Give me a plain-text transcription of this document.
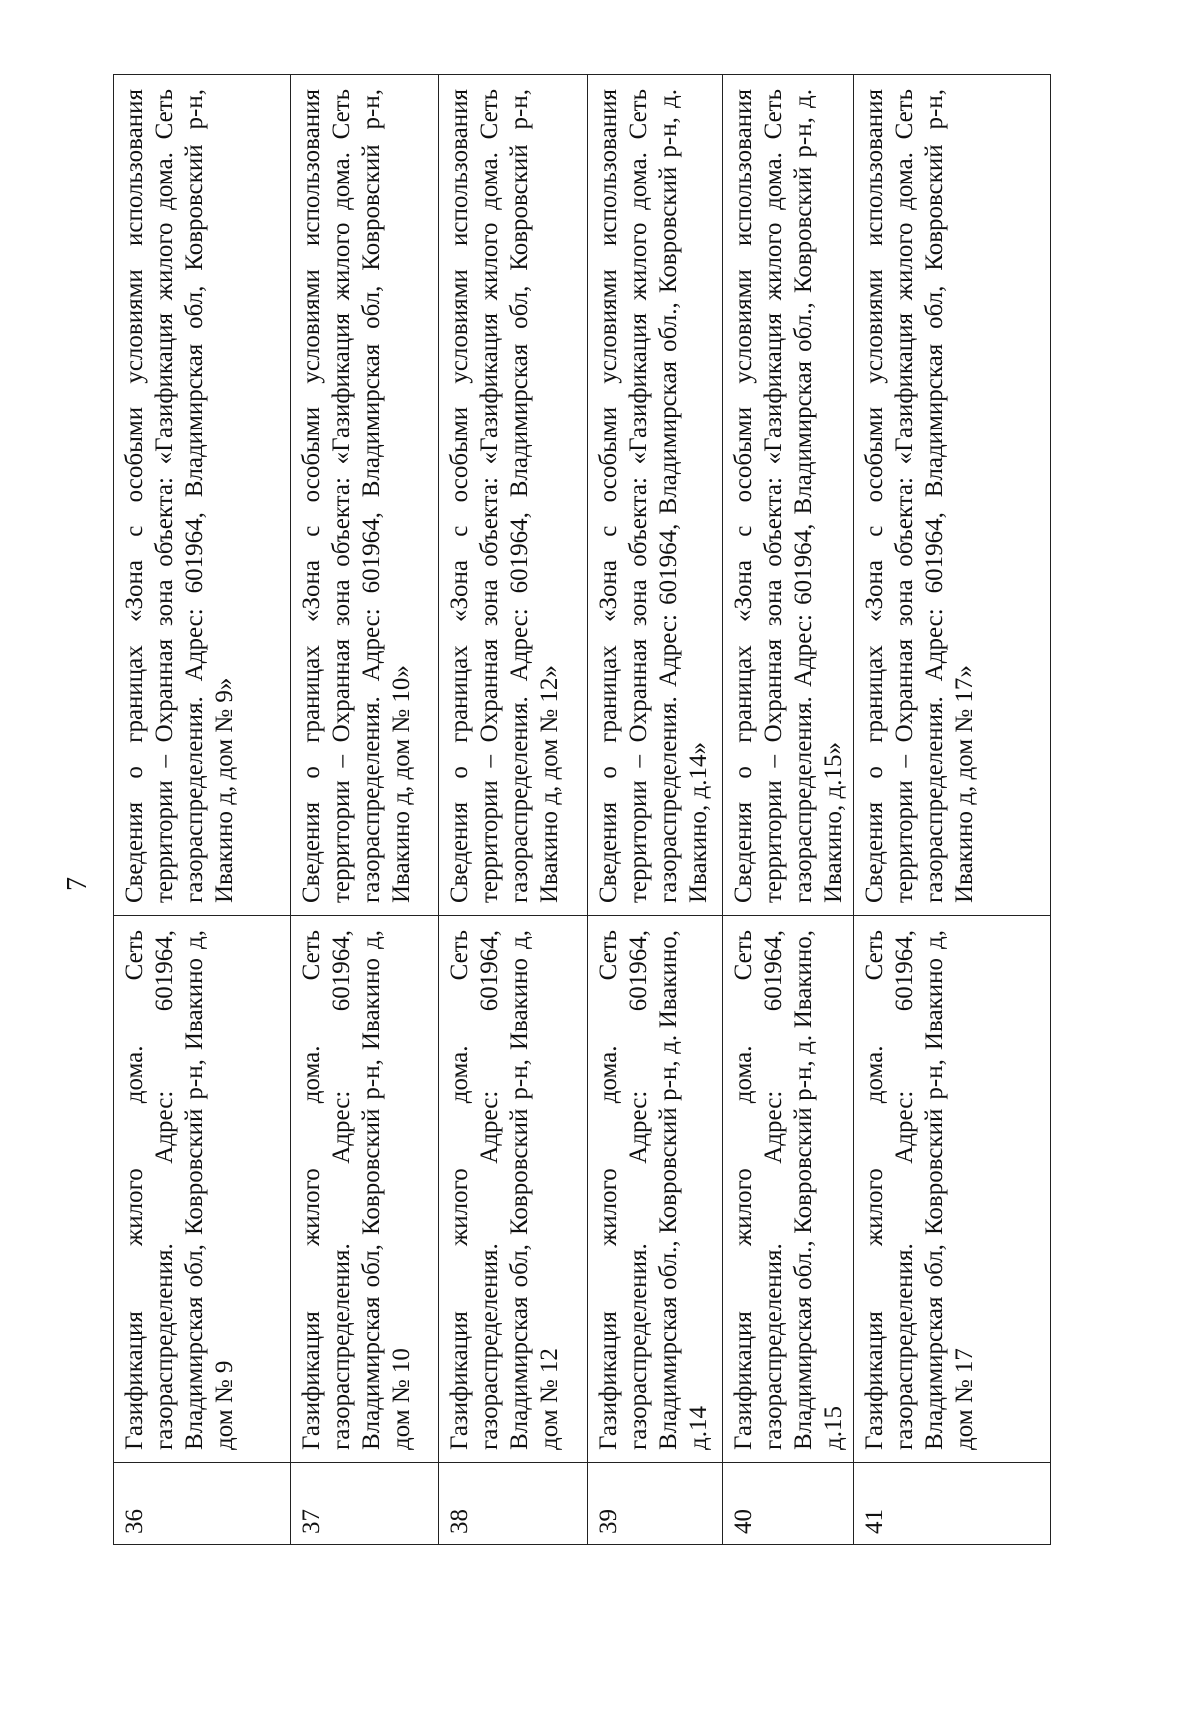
7
36	Газификация жилого дома. Сеть газораспределения. Адрес: 601964, Владимирская обл, Ковровский р-н, Ивакино д, дом № 9	Сведения о границах «Зона с особыми условиями использования территории – Охранная зона объекта: «Газификация жилого дома. Сеть газораспределения. Адрес: 601964, Владимирская обл, Ковровский р-н, Ивакино д, дом № 9»
37	Газификация жилого дома. Сеть газораспределения. Адрес: 601964, Владимирская обл, Ковровский р-н, Ивакино д, дом № 10	Сведения о границах «Зона с особыми условиями использования территории – Охранная зона объекта: «Газификация жилого дома. Сеть газораспределения. Адрес: 601964, Владимирская обл, Ковровский р-н, Ивакино д, дом № 10»
38	Газификация жилого дома. Сеть газораспределения. Адрес: 601964, Владимирская обл, Ковровский р-н, Ивакино д, дом № 12	Сведения о границах «Зона с особыми условиями использования территории – Охранная зона объекта: «Газификация жилого дома. Сеть газораспределения. Адрес: 601964, Владимирская обл, Ковровский р-н, Ивакино д, дом № 12»
39	Газификация жилого дома. Сеть газораспределения. Адрес: 601964, Владимирская обл., Ковровский р-н, д. Ивакино, д.14	Сведения о границах «Зона с особыми условиями использования территории – Охранная зона объекта: «Газификация жилого дома. Сеть газораспределения. Адрес: 601964, Владимирская обл., Ковровский р-н, д. Ивакино, д.14»
40	Газификация жилого дома. Сеть газораспределения. Адрес: 601964, Владимирская обл., Ковровский р-н, д. Ивакино, д.15	Сведения о границах «Зона с особыми условиями использования территории – Охранная зона объекта: «Газификация жилого дома. Сеть газораспределения. Адрес: 601964, Владимирская обл., Ковровский р-н, д. Ивакино, д.15»
41	Газификация жилого дома. Сеть газораспределения. Адрес: 601964, Владимирская обл, Ковровский р-н, Ивакино д, дом № 17	Сведения о границах «Зона с особыми условиями использования территории – Охранная зона объекта: «Газификация жилого дома. Сеть газораспределения. Адрес: 601964, Владимирская обл, Ковровский р-н, Ивакино д, дом № 17»
